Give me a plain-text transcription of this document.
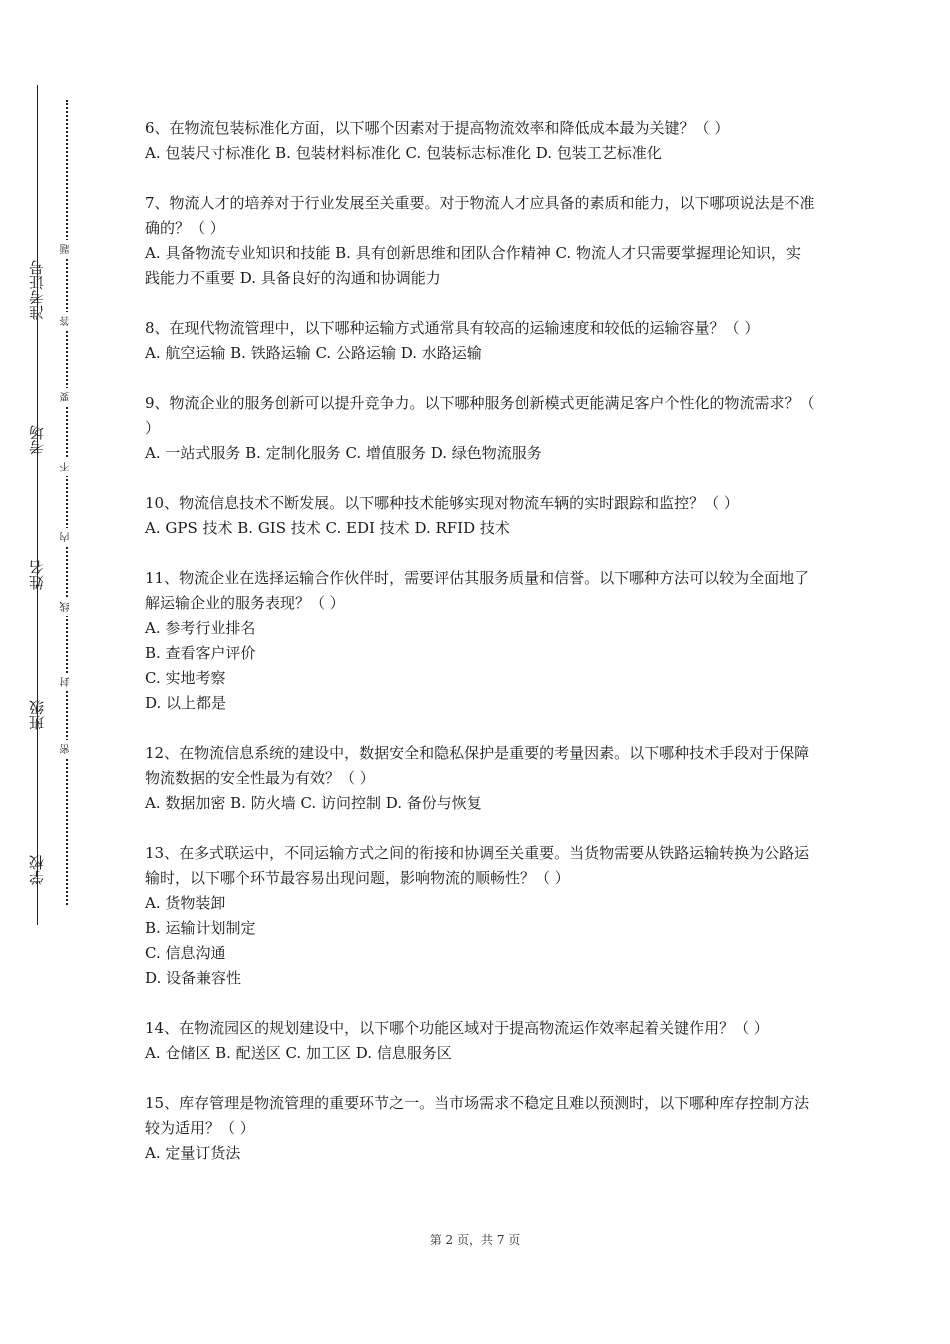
学校
班级
姓名
考场
准考证号
密
封
线
内
不
要
答
题

6、在物流包装标准化方面，以下哪个因素对于提高物流效率和降低成本最为关键？（ ）

A. 包装尺寸标准化 B. 包装材料标准化 C. 包装标志标准化 D. 包装工艺标准化

7、物流人才的培养对于行业发展至关重要。对于物流人才应具备的素质和能力，以下哪项说法是不准确的？（ ）

A. 具备物流专业知识和技能 B. 具有创新思维和团队合作精神 C. 物流人才只需要掌握理论知识，实践能力不重要 D. 具备良好的沟通和协调能力

8、在现代物流管理中，以下哪种运输方式通常具有较高的运输速度和较低的运输容量？（ ）

A. 航空运输 B. 铁路运输 C. 公路运输 D. 水路运输

9、物流企业的服务创新可以提升竞争力。以下哪种服务创新模式更能满足客户个性化的物流需求？（ ）

A. 一站式服务 B. 定制化服务 C. 增值服务 D. 绿色物流服务

10、物流信息技术不断发展。以下哪种技术能够实现对物流车辆的实时跟踪和监控？（ ）

A. GPS 技术 B. GIS 技术 C. EDI 技术 D. RFID 技术

11、物流企业在选择运输合作伙伴时，需要评估其服务质量和信誉。以下哪种方法可以较为全面地了解运输企业的服务表现？（ ）

A. 参考行业排名

B. 查看客户评价

C. 实地考察

D. 以上都是

12、在物流信息系统的建设中，数据安全和隐私保护是重要的考量因素。以下哪种技术手段对于保障物流数据的安全性最为有效？（ ）

A. 数据加密 B. 防火墙 C. 访问控制 D. 备份与恢复

13、在多式联运中，不同运输方式之间的衔接和协调至关重要。当货物需要从铁路运输转换为公路运输时，以下哪个环节最容易出现问题，影响物流的顺畅性？（ ）

A. 货物装卸

B. 运输计划制定

C. 信息沟通

D. 设备兼容性

14、在物流园区的规划建设中，以下哪个功能区域对于提高物流运作效率起着关键作用？（ ）

A. 仓储区 B. 配送区 C. 加工区 D. 信息服务区

15、库存管理是物流管理的重要环节之一。当市场需求不稳定且难以预测时，以下哪种库存控制方法较为适用？（ ）

A. 定量订货法

第 2 页，共 7 页
